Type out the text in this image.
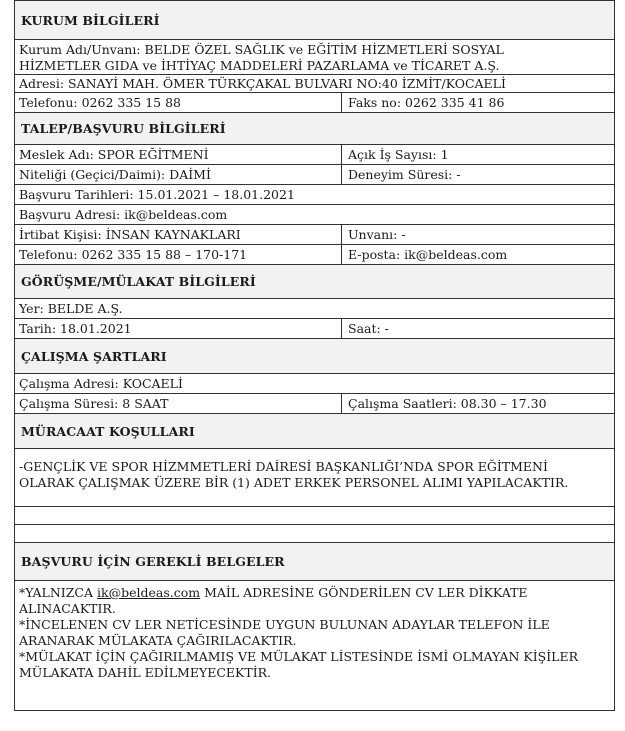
KURUM BİLGİLERİ
Kurum Adı/Unvanı: BELDE ÖZEL SAĞLIK ve EĞİTİM HİZMETLERİ SOSYAL
HİZMETLER GIDA ve İHTİYAÇ MADDELERİ PAZARLAMA ve TİCARET A.Ş.
Adresi: SANAYİ MAH. ÖMER TÜRKÇAKAL BULVARI NO:40 İZMİT/KOCAELİ
Telefonu: 0262 335 15 88	Faks no: 0262 335 41 86
TALEP/BAŞVURU BİLGİLERİ
Meslek Adı: SPOR EĞİTMENİ	Açık İş Sayısı: 1
Niteliği (Geçici/Daimi): DAİMİ	Deneyim Süresi: -
Başvuru Tarihleri: 15.01.2021 – 18.01.2021
Başvuru Adresi: ik@beldeas.com
İrtibat Kişisi: İNSAN KAYNAKLARI	Unvanı: -
Telefonu: 0262 335 15 88 – 170-171	E-posta: ik@beldeas.com
GÖRÜŞME/MÜLAKAT BİLGİLERİ
Yer: BELDE A.Ş.
Tarih: 18.01.2021	Saat: -
ÇALIŞMA ŞARTLARI
Çalışma Adresi: KOCAELİ
Çalışma Süresi: 8 SAAT	Çalışma Saatleri: 08.30 – 17.30
MÜRACAAT KOŞULLARI
-GENÇLİK VE SPOR HİZMMETLERİ DAİRESİ BAŞKANLIĞI’NDA SPOR EĞİTMENİ
OLARAK ÇALIŞMAK ÜZERE BİR (1) ADET ERKEK PERSONEL ALIMI YAPILACAKTIR.
BAŞVURU İÇİN GEREKLİ BELGELER
*YALNIZCA ik@beldeas.com MAİL ADRESİNE GÖNDERİLEN CV LER DİKKATE
ALINACAKTIR.
*İNCELENEN CV LER NETİCESİNDE UYGUN BULUNAN ADAYLAR TELEFON İLE
ARANARAK MÜLAKATA ÇAĞIRILACAKTIR.
*MÜLAKAT İÇİN ÇAĞIRILMAMIŞ VE MÜLAKAT LİSTESİNDE İSMİ OLMAYAN KİŞİLER
MÜLAKATA DAHİL EDİLMEYECEKTİR.
